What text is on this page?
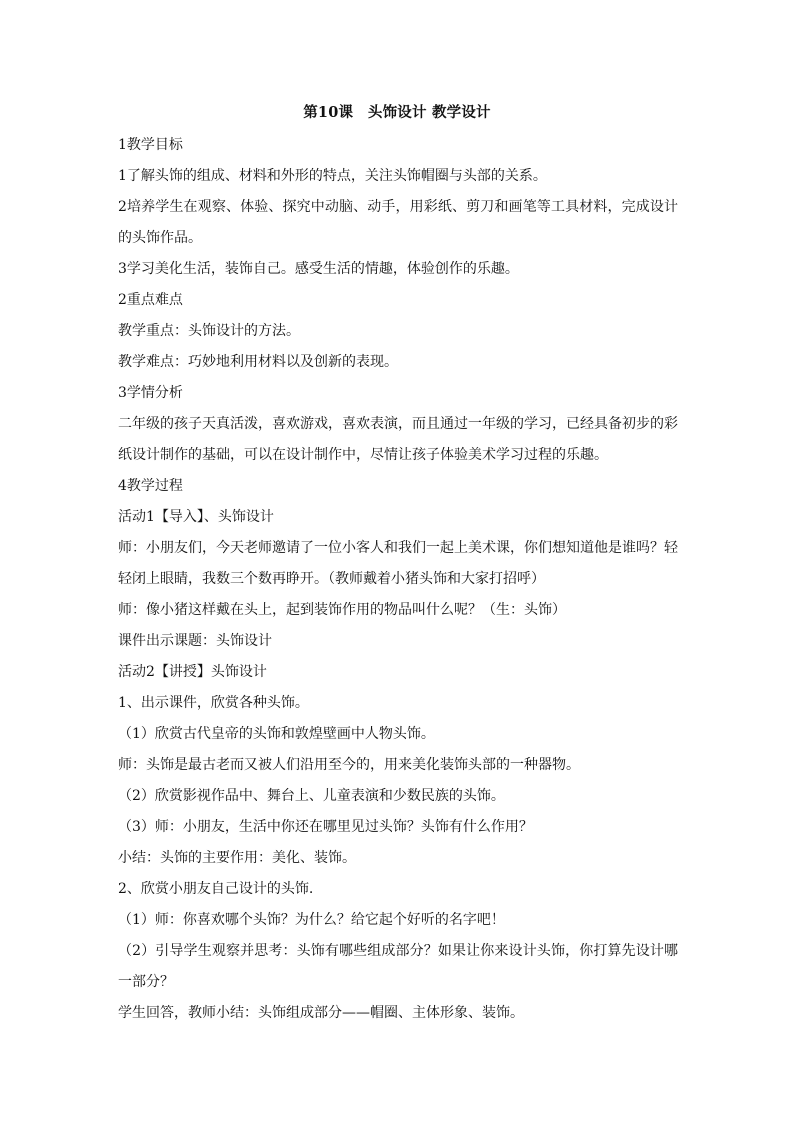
第10课　头饰设计 教学设计

1教学目标

1了解头饰的组成、材料和外形的特点，关注头饰帽圈与头部的关系。

2培养学生在观察、体验、探究中动脑、动手，用彩纸、剪刀和画笔等工具材料，完成设计的头饰作品。

3学习美化生活，装饰自己。感受生活的情趣，体验创作的乐趣。

2重点难点

教学重点：头饰设计的方法。

教学难点：巧妙地利用材料以及创新的表现。

3学情分析

二年级的孩子天真活泼，喜欢游戏，喜欢表演，而且通过一年级的学习，已经具备初步的彩纸设计制作的基础，可以在设计制作中，尽情让孩子体验美术学习过程的乐趣。

4教学过程

活动1【导入】、头饰设计

师：小朋友们，今天老师邀请了一位小客人和我们一起上美术课，你们想知道他是谁吗？轻轻闭上眼睛，我数三个数再睁开。（教师戴着小猪头饰和大家打招呼）

师：像小猪这样戴在头上，起到装饰作用的物品叫什么呢？（生：头饰）

课件出示课题：头饰设计

活动2【讲授】头饰设计

1、出示课件，欣赏各种头饰。

（1）欣赏古代皇帝的头饰和敦煌壁画中人物头饰。

师：头饰是最古老而又被人们沿用至今的，用来美化装饰头部的一种器物。

（2）欣赏影视作品中、舞台上、儿童表演和少数民族的头饰。

（3）师：小朋友，生活中你还在哪里见过头饰？头饰有什么作用？

小结：头饰的主要作用：美化、装饰。

2、欣赏小朋友自己设计的头饰.

（1）师：你喜欢哪个头饰？为什么？给它起个好听的名字吧！

（2）引导学生观察并思考：头饰有哪些组成部分？如果让你来设计头饰，你打算先设计哪一部分？

学生回答，教师小结：头饰组成部分——帽圈、主体形象、装饰。
